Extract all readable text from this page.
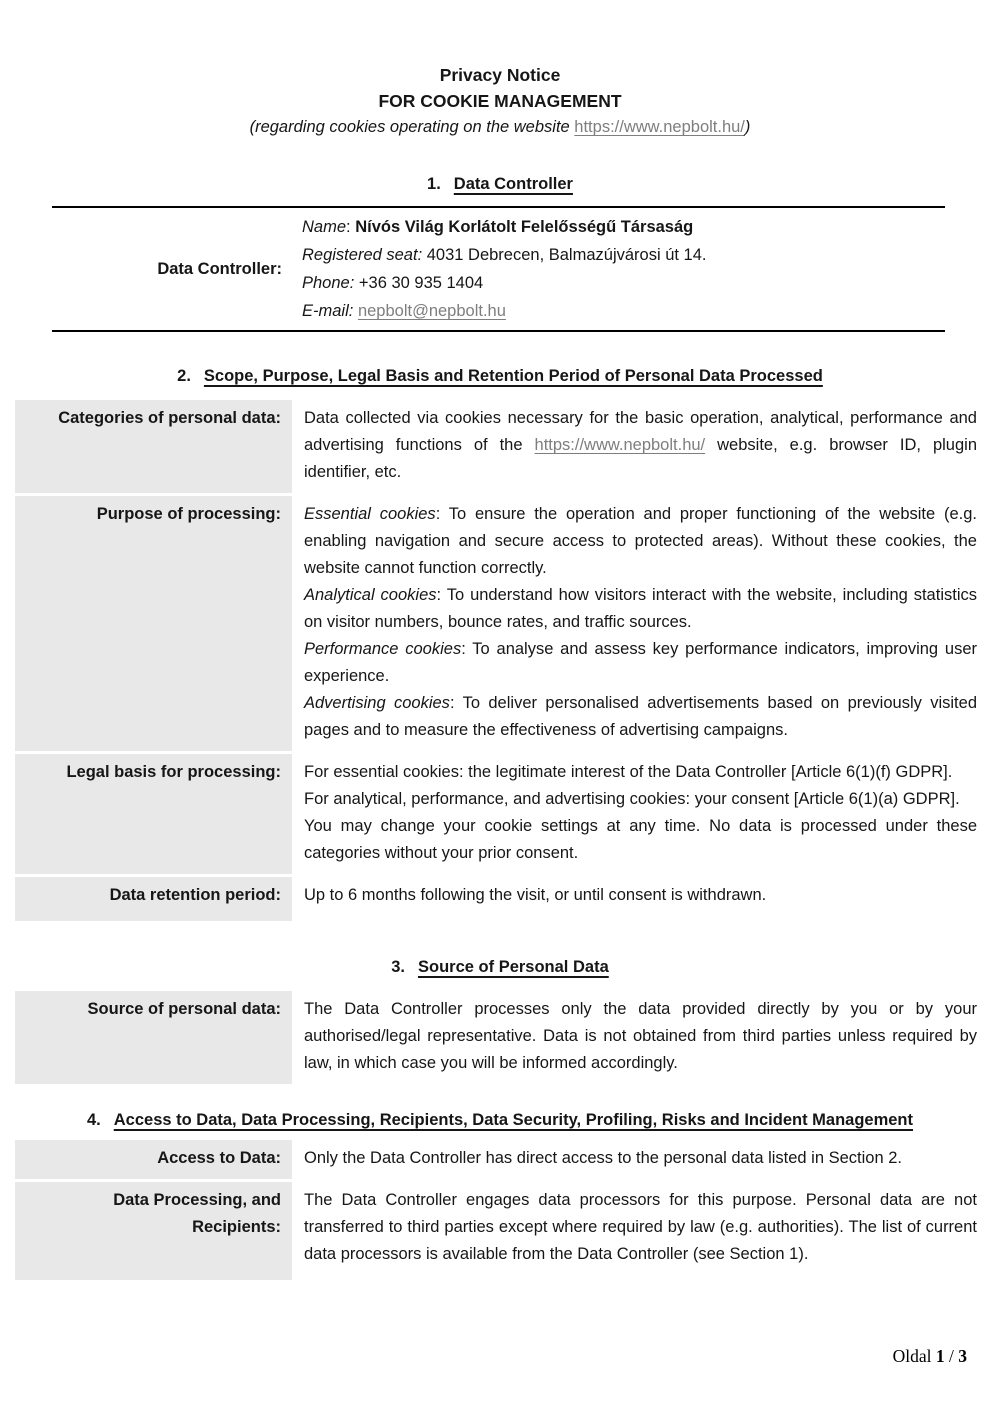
Privacy Notice
FOR COOKIE MANAGEMENT
(regarding cookies operating on the website https://www.nepbolt.hu/)
1. Data Controller
Data Controller:
Name: Nívós Világ Korlátolt Felelősségű Társaság
Registered seat: 4031 Debrecen, Balmazújvárosi út 14.
Phone: +36 30 935 1404
E-mail: nepbolt@nepbolt.hu
2. Scope, Purpose, Legal Basis and Retention Period of Personal Data Processed
Categories of personal data:	Data collected via cookies necessary for the basic operation, analytical, performance and advertising functions of the https://www.nepbolt.hu/ website, e.g. browser ID, plugin identifier, etc.
Purpose of processing:	Essential cookies: To ensure the operation and proper functioning of the website (e.g. enabling navigation and secure access to protected areas). Without these cookies, the website cannot function correctly.
Analytical cookies: To understand how visitors interact with the website, including statistics on visitor numbers, bounce rates, and traffic sources.
Performance cookies: To analyse and assess key performance indicators, improving user experience.
Advertising cookies: To deliver personalised advertisements based on previously visited pages and to measure the effectiveness of advertising campaigns.
Legal basis for processing:	For essential cookies: the legitimate interest of the Data Controller [Article 6(1)(f) GDPR].
For analytical, performance, and advertising cookies: your consent [Article 6(1)(a) GDPR].
You may change your cookie settings at any time. No data is processed under these categories without your prior consent.
Data retention period:	Up to 6 months following the visit, or until consent is withdrawn.
3. Source of Personal Data
Source of personal data:	The Data Controller processes only the data provided directly by you or by your authorised/legal representative. Data is not obtained from third parties unless required by law, in which case you will be informed accordingly.
4. Access to Data, Data Processing, Recipients, Data Security, Profiling, Risks and Incident Management
Access to Data:	Only the Data Controller has direct access to the personal data listed in Section 2.
Data Processing, and Recipients:
The Data Controller engages data processors for this purpose. Personal data are not transferred to third parties except where required by law (e.g. authorities). The list of current data processors is available from the Data Controller (see Section 1).
Oldal 1 / 3
